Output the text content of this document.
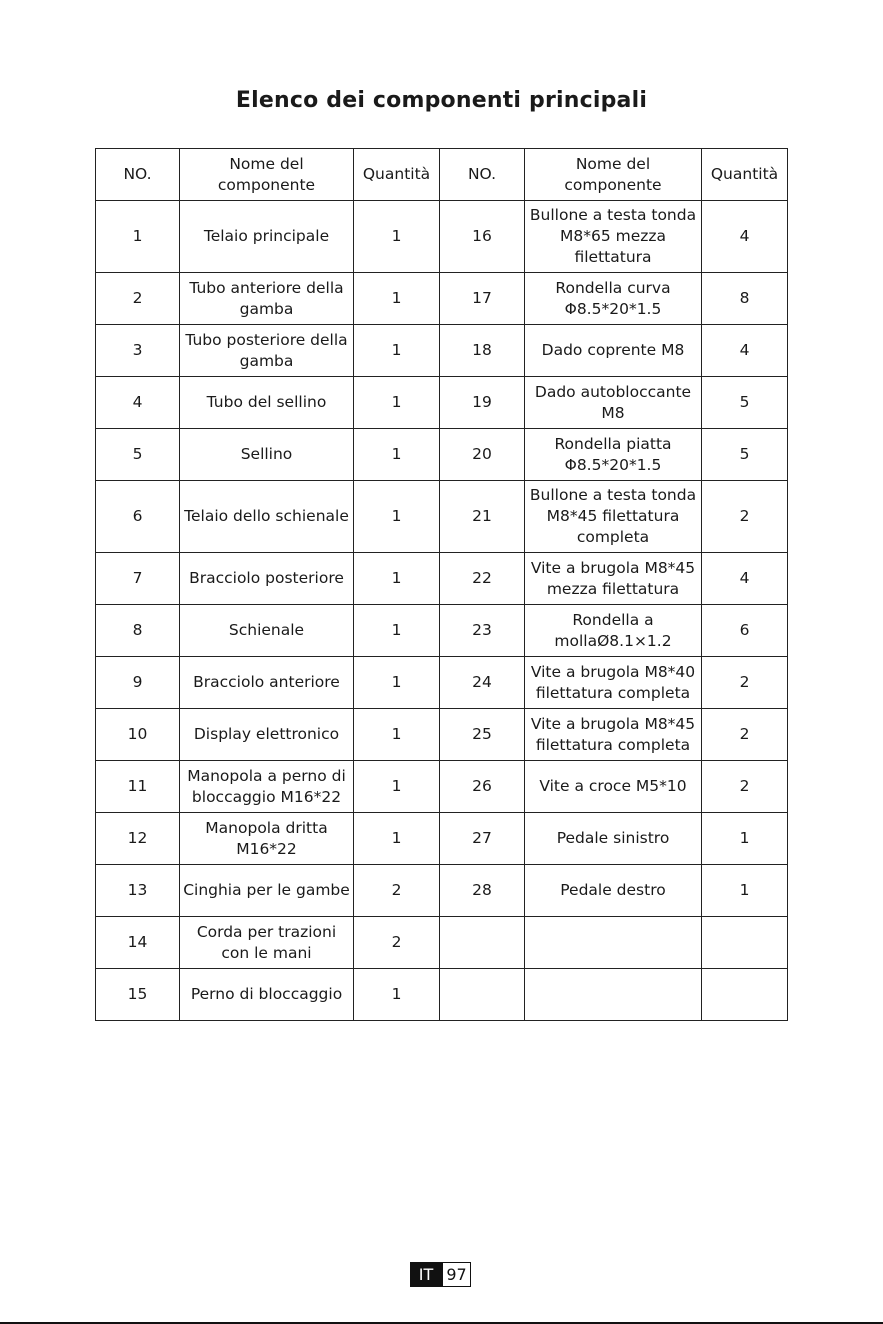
Elenco dei componenti principali
NO.	Nome del componente	Quantità	NO.	Nome del componente	Quantità
1	Telaio principale	1	16	Bullone a testa tonda M8*65 mezza filettatura	4
2	Tubo anteriore della gamba	1	17	Rondella curva Φ8.5*20*1.5	8
3	Tubo posteriore della gamba	1	18	Dado coprente M8	4
4	Tubo del sellino	1	19	Dado autobloccante M8	5
5	Sellino	1	20	Rondella piatta Φ8.5*20*1.5	5
6	Telaio dello schienale	1	21	Bullone a testa tonda M8*45 filettatura completa	2
7	Bracciolo posteriore	1	22	Vite a brugola M8*45 mezza filettatura	4
8	Schienale	1	23	Rondella a mollaØ8.1×1.2	6
9	Bracciolo anteriore	1	24	Vite a brugola M8*40 filettatura completa	2
10	Display elettronico	1	25	Vite a brugola M8*45 filettatura completa	2
11	Manopola a perno di bloccaggio M16*22	1	26	Vite a croce M5*10	2
12	Manopola dritta M16*22	1	27	Pedale sinistro	1
13	Cinghia per le gambe	2	28	Pedale destro	1
14	Corda per trazioni con le mani	2			
15	Perno di bloccaggio	1			
IT 97
